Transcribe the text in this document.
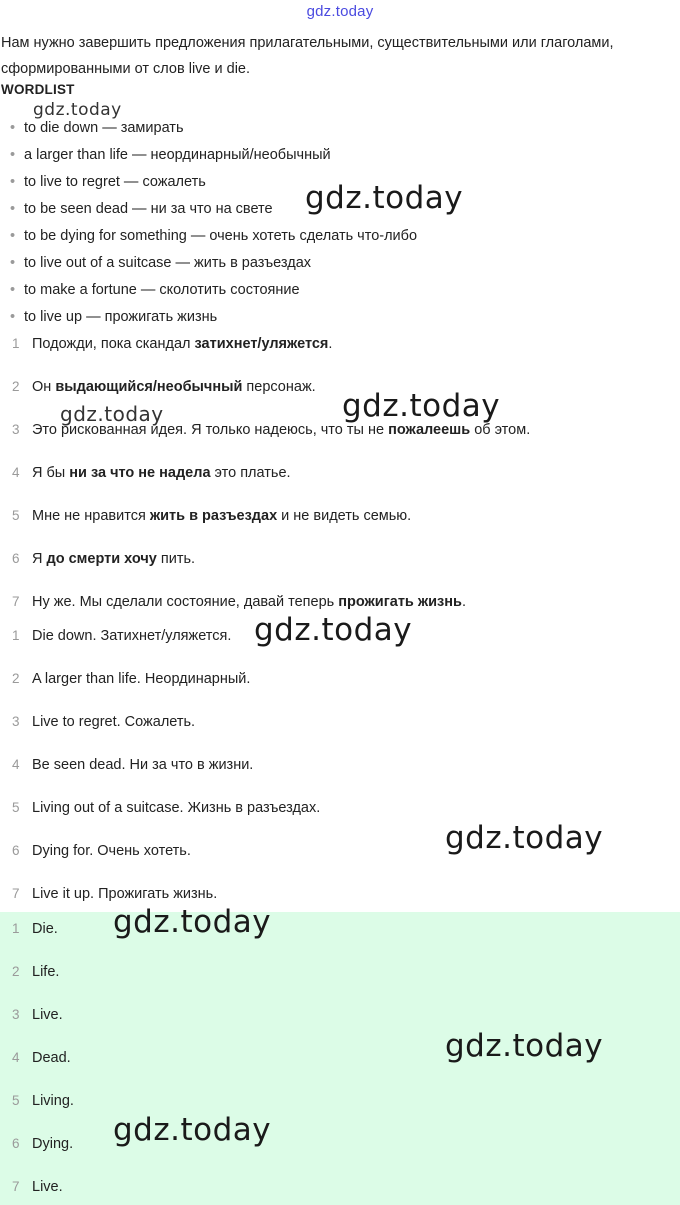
gdz.today
Нам нужно завершить предложения прилагательными, существительными или глаголами, сформированными от слов live и die.
WORDLIST
• to die down — замирать
• a larger than life — неординарный/необычный
• to live to regret — сожалеть
• to be seen dead — ни за что на свете
• to be dying for something — очень хотеть сделать что-либо
• to live out of a suitcase — жить в разъездах
• to make a fortune — сколотить состояние
• to live up — прожигать жизнь
1 Подожди, пока скандал затихнет/уляжется.
2 Он выдающийся/необычный персонаж.
3 Это рискованная идея. Я только надеюсь, что ты не пожалеешь об этом.
4 Я бы ни за что не надела это платье.
5 Мне не нравится жить в разъездах и не видеть семью.
6 Я до смерти хочу пить.
7 Ну же. Мы сделали состояние, давай теперь прожигать жизнь.
1 Die down. Затихнет/уляжется.
2 A larger than life. Неординарный.
3 Live to regret. Сожалеть.
4 Be seen dead. Ни за что в жизни.
5 Living out of a suitcase. Жизнь в разъездах.
6 Dying for. Очень хотеть.
7 Live it up. Прожигать жизнь.
1 Die.
2 Life.
3 Live.
4 Dead.
5 Living.
6 Dying.
7 Live.
gdz.today
gdz.today
gdz.today	gdz.today
gdz.today
gdz.today
gdz.today
gdz.today
gdz.today
